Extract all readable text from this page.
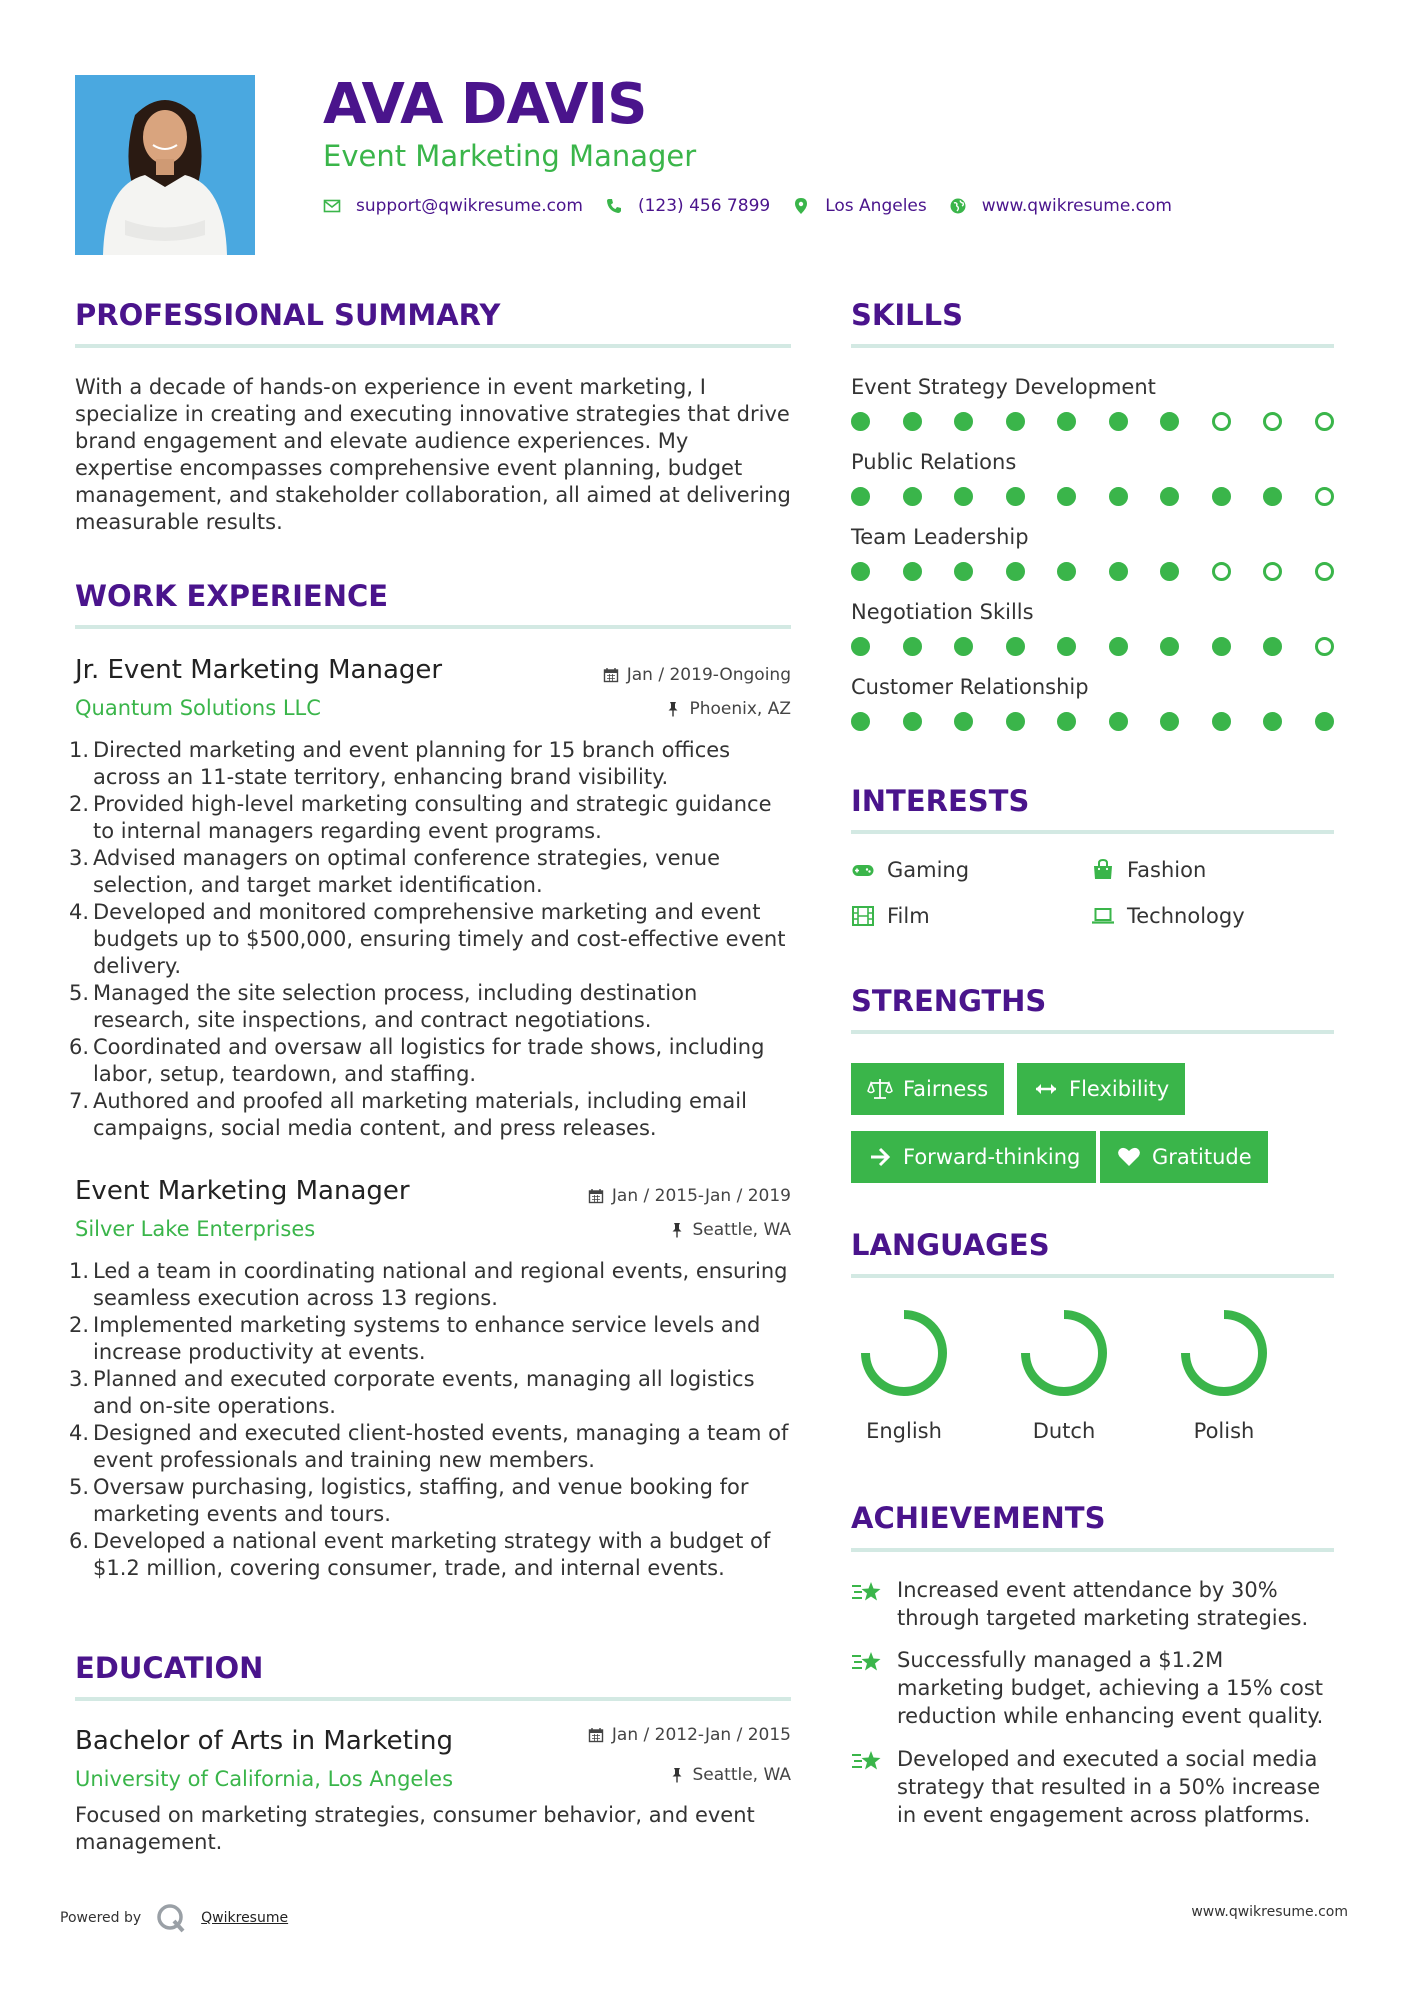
AVA DAVIS
Event Marketing Manager
support@qwikresume.com	(123) 456 7899	Los Angeles	www.qwikresume.com
PROFESSIONAL SUMMARY
With a decade of hands-on experience in event marketing, I specialize in creating and executing innovative strategies that drive brand engagement and elevate audience experiences. My expertise encompasses comprehensive event planning, budget management, and stakeholder collaboration, all aimed at delivering measurable results.
WORK EXPERIENCE
Jr. Event Marketing Manager	Jan / 2019-Ongoing
Quantum Solutions LLC	Phoenix, AZ
1. Directed marketing and event planning for 15 branch offices across an 11-state territory, enhancing brand visibility.
2. Provided high-level marketing consulting and strategic guidance to internal managers regarding event programs.
3. Advised managers on optimal conference strategies, venue selection, and target market identification.
4. Developed and monitored comprehensive marketing and event budgets up to $500,000, ensuring timely and cost-effective event delivery.
5. Managed the site selection process, including destination research, site inspections, and contract negotiations.
6. Coordinated and oversaw all logistics for trade shows, including labor, setup, teardown, and staffing.
7. Authored and proofed all marketing materials, including email campaigns, social media content, and press releases.
Event Marketing Manager	Jan / 2015-Jan / 2019
Silver Lake Enterprises	Seattle, WA
1. Led a team in coordinating national and regional events, ensuring seamless execution across 13 regions.
2. Implemented marketing systems to enhance service levels and increase productivity at events.
3. Planned and executed corporate events, managing all logistics and on-site operations.
4. Designed and executed client-hosted events, managing a team of event professionals and training new members.
5. Oversaw purchasing, logistics, staffing, and venue booking for marketing events and tours.
6. Developed a national event marketing strategy with a budget of $1.2 million, covering consumer, trade, and internal events.
EDUCATION
Bachelor of Arts in Marketing	Jan / 2012-Jan / 2015
University of California, Los Angeles	Seattle, WA
Focused on marketing strategies, consumer behavior, and event management.
SKILLS
Event Strategy Development
Public Relations
Team Leadership
Negotiation Skills
Customer Relationship
INTERESTS
Gaming	Fashion
Film	Technology
STRENGTHS
Fairness	Flexibility
Forward-thinking	Gratitude
LANGUAGES
English	Dutch	Polish
ACHIEVEMENTS
Increased event attendance by 30% through targeted marketing strategies.
Successfully managed a $1.2M marketing budget, achieving a 15% cost reduction while enhancing event quality.
Developed and executed a social media strategy that resulted in a 50% increase in event engagement across platforms.
Powered by	Qwikresume	www.qwikresume.com
